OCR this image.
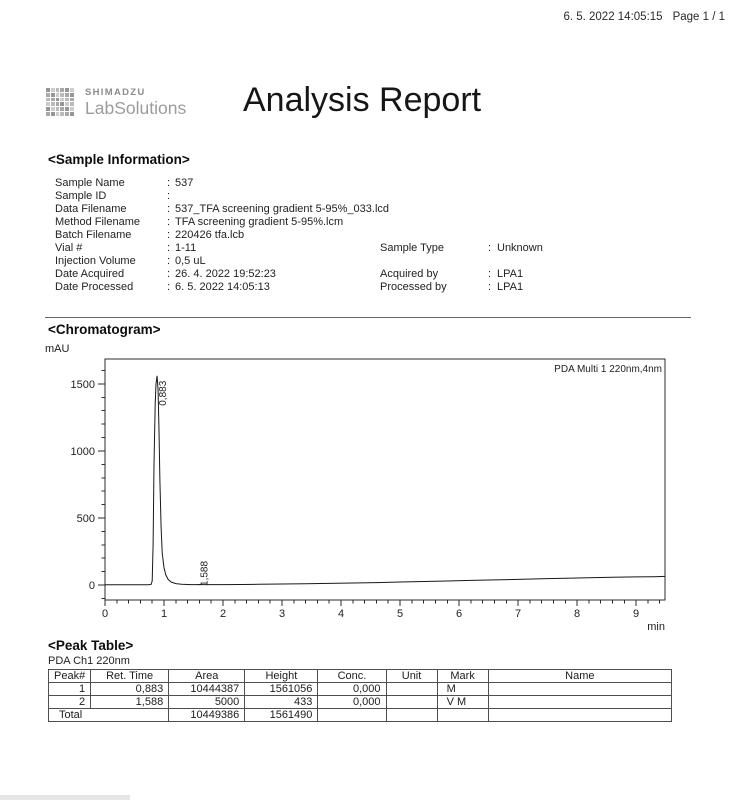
6. 5. 2022 14:05:15 Page 1 / 1
SHIMADZU
LabSolutions Analysis Report
<Sample Information>
Sample Name	: 537
Sample ID	:
Data Filename	: 537_TFA screening gradient 5-95%_033.lcd
Method Filename : TFA screening gradient 5-95%.lcm
Batch Filename	: 220426 tfa.lcb
Vial #	: 1-11	Sample Type	: Unknown
Injection Volume	: 0,5 uL
Date Acquired	: 26. 4. 2022 19:52:23	Acquired by	: LPA1
Date Processed	: 6. 5. 2022 14:05:13	Processed by	: LPA1
<Chromatogram>
mAU
0	1	2	3	4	5	6	7	8	9
0
500
1000
1500	0,883
1,588
PDA Multi 1 220nm,4nm
min
<Peak Table>
PDA Ch1 220nm
Peak#	Ret. Time	Area	Height	Conc.	Unit	Mark	Name
1	0,883	10444387	1561056	0,000		M	
2	1,588	5000	433	0,000		V M	
Total		10449386	1561490				
